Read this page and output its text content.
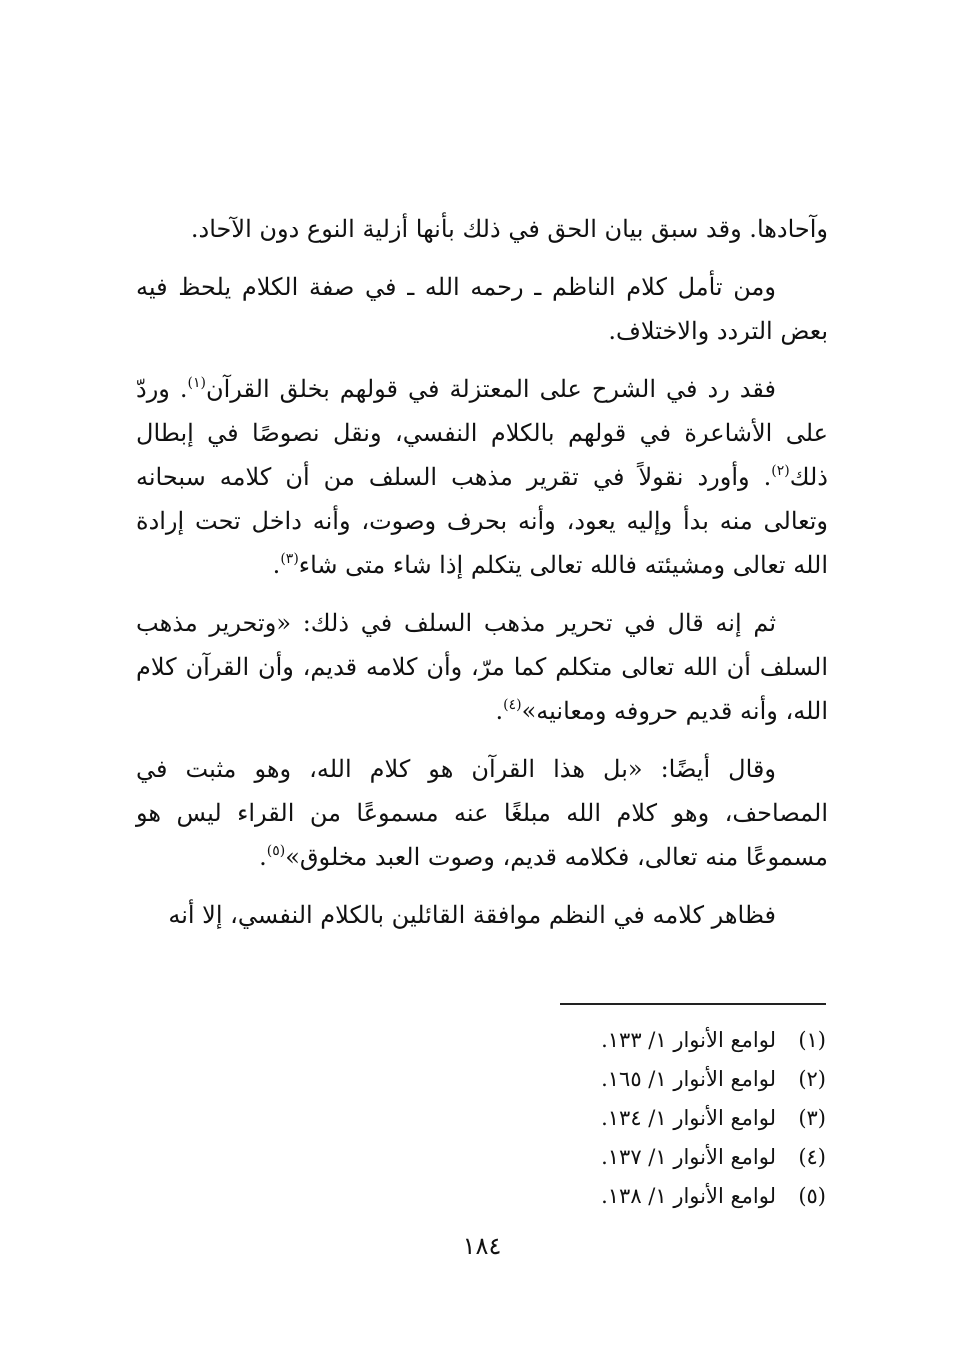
وآحادها. وقد سبق بيان الحق في ذلك بأنها أزلية النوع دون الآحاد.

ومن تأمل كلام الناظم ـ رحمه الله ـ في صفة الكلام يلحظ فيه بعض التردد والاختلاف.

فقد رد في الشرح على المعتزلة في قولهم بخلق القرآن$^{(١)}$. وردّ على الأشاعرة في قولهم بالكلام النفسي، ونقل نصوصًا في إبطال ذلك$^{(٢)}$. وأورد نقولاً في تقرير مذهب السلف من أن كلامه سبحانه وتعالى منه بدأ وإليه يعود، وأنه بحرف وصوت، وأنه داخل تحت إرادة الله تعالى ومشيئته فالله تعالى يتكلم إذا شاء متى شاء$^{(٣)}$.

ثم إنه قال في تحرير مذهب السلف في ذلك: «وتحرير مذهب السلف أن الله تعالى متكلم كما مرّ، وأن كلامه قديم، وأن القرآن كلام الله، وأنه قديم حروفه ومعانيه»$^{(٤)}$.

وقال أيضًا: «بل هذا القرآن هو كلام الله، وهو مثبت في المصاحف، وهو كلام الله مبلغًا عنه مسموعًا من القراء ليس هو مسموعًا منه تعالى، فكلامه قديم، وصوت العبد مخلوق»$^{(٥)}$.

فظاهر كلامه في النظم موافقة القائلين بالكلام النفسي، إلا أنه

(١)لوامع الأنوار ١/ ١٣٣.
(٢)لوامع الأنوار ١/ ١٦٥.
(٣)لوامع الأنوار ١/ ١٣٤.
(٤)لوامع الأنوار ١/ ١٣٧.
(٥)لوامع الأنوار ١/ ١٣٨.
١٨٤
